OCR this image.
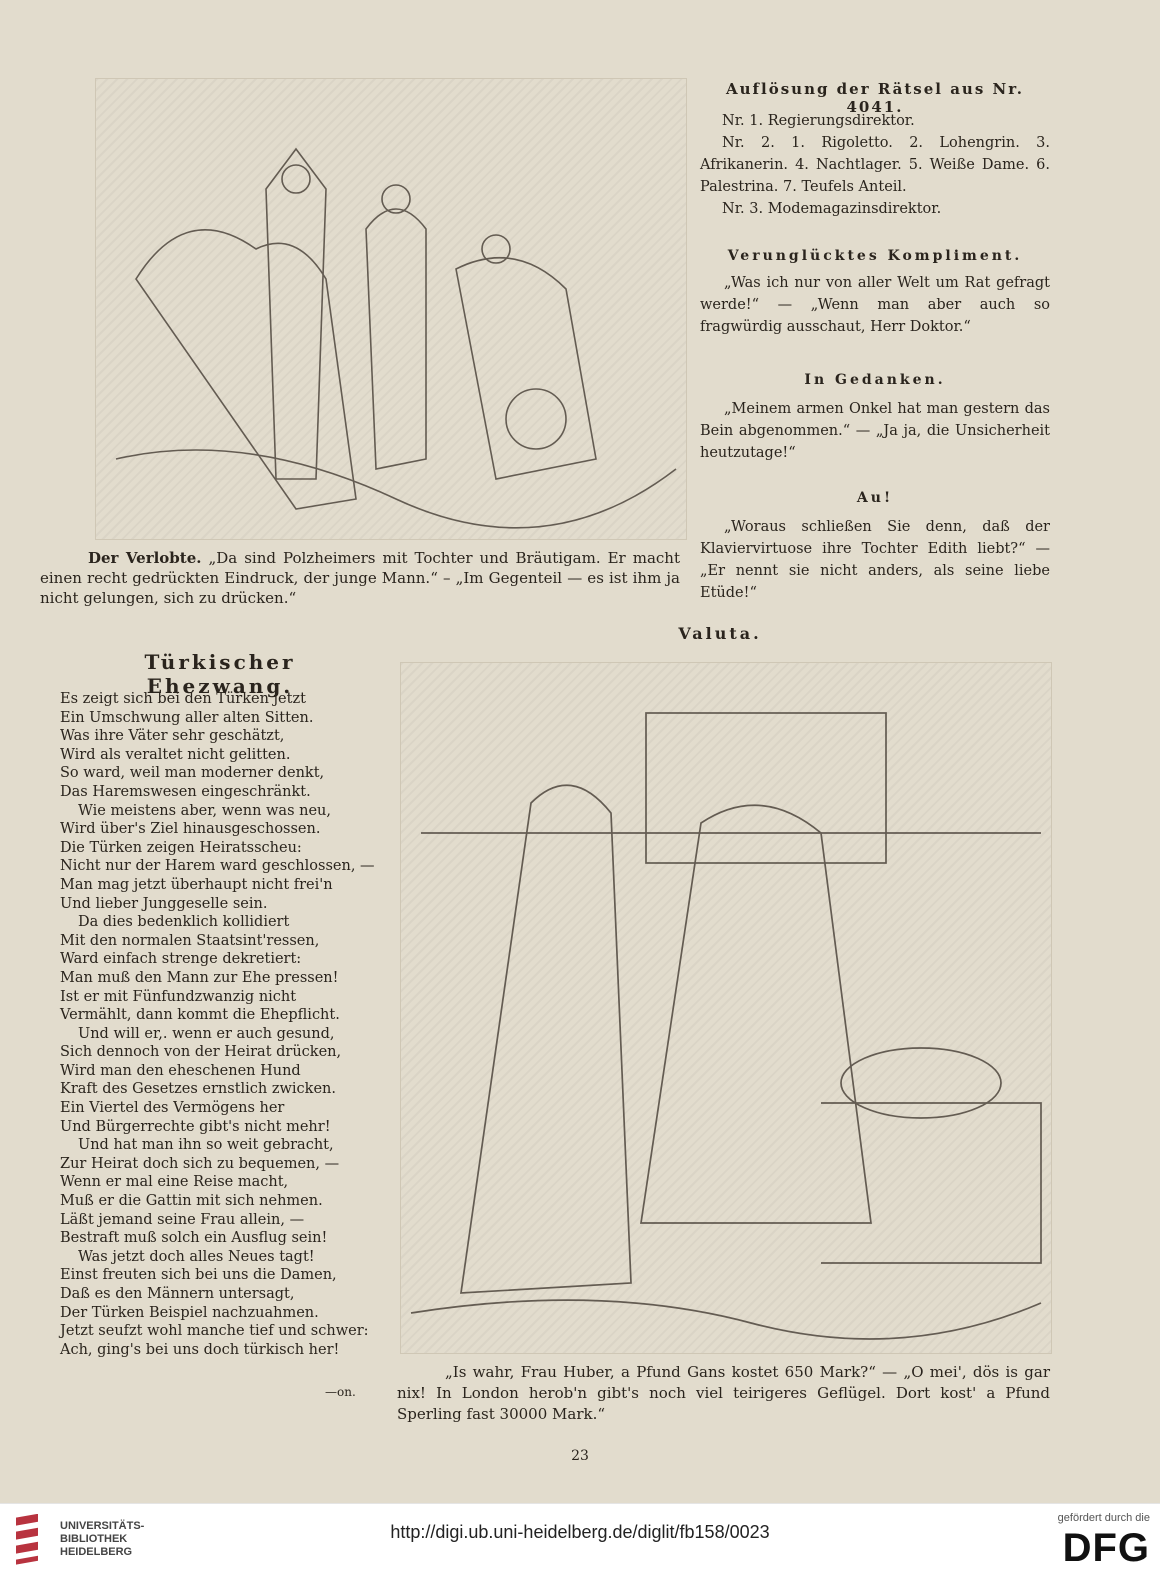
Der Verlobte. „Da sind Polzheimers mit Tochter und Bräutigam. Er macht einen recht gedrückten Eindruck, der junge Mann.“ – „Im Gegenteil — es ist ihm ja nicht gelungen, sich zu drücken.“

Auflösung der Rätsel aus Nr. 4041.

Nr. 1. Regierungsdirektor.

Nr. 2. 1. Rigoletto. 2. Lohengrin. 3. Afrikanerin. 4. Nachtlager. 5. Weiße Dame. 6. Palestrina. 7. Teufels Anteil.

Nr. 3. Modemagazinsdirektor.

Verunglücktes Kompliment.

„Was ich nur von aller Welt um Rat gefragt werde!“ — „Wenn man aber auch so fragwürdig ausschaut, Herr Doktor.“

In Gedanken.

„Meinem armen Onkel hat man gestern das Bein abgenommen.“ — „Ja ja, die Unsicherheit heutzutage!“

Au!

„Woraus schließen Sie denn, daß der Klaviervirtuose ihre Tochter Edith liebt?“ — „Er nennt sie nicht anders, als seine liebe Etüde!“

Türkischer Ehezwang.
Es zeigt sich bei den Türken jetzt
Ein Umschwung aller alten Sitten.
Was ihre Väter sehr geschätzt,
Wird als veraltet nicht gelitten.
So ward, weil man moderner denkt,
Das Haremswesen eingeschränkt.
Wie meistens aber, wenn was neu,
Wird über's Ziel hinausgeschossen.
Die Türken zeigen Heiratsscheu:
Nicht nur der Harem ward geschlossen, —
Man mag jetzt überhaupt nicht frei'n
Und lieber Junggeselle sein.
Da dies bedenklich kollidiert
Mit den normalen Staatsint'ressen,
Ward einfach strenge dekretiert:
Man muß den Mann zur Ehe pressen!
Ist er mit Fünfundzwanzig nicht
Vermählt, dann kommt die Ehepflicht.
Und will er,. wenn er auch gesund,
Sich dennoch von der Heirat drücken,
Wird man den eheschenen Hund
Kraft des Gesetzes ernstlich zwicken.
Ein Viertel des Vermögens her
Und Bürgerrechte gibt's nicht mehr!
Und hat man ihn so weit gebracht,
Zur Heirat doch sich zu bequemen, —
Wenn er mal eine Reise macht,
Muß er die Gattin mit sich nehmen.
Läßt jemand seine Frau allein, —
Bestraft muß solch ein Ausflug sein!
Was jetzt doch alles Neues tagt!
Einst freuten sich bei uns die Damen,
Daß es den Männern untersagt,
Der Türken Beispiel nachzuahmen.
Jetzt seufzt wohl manche tief und schwer:
Ach, ging's bei uns doch türkisch her!

—on.

Valuta.

„Is wahr, Frau Huber, a Pfund Gans kostet 650 Mark?“ — „O mei', dös is gar nix! In London herob'n gibt's noch viel teirigeres Geflügel. Dort kost' a Pfund Sperling fast 30000 Mark.“

23

UNIVERSITÄTS-
BIBLIOTHEK
HEIDELBERG
http://digi.ub.uni-heidelberg.de/diglit/fb158/0023
gefördert durch die
DFG
